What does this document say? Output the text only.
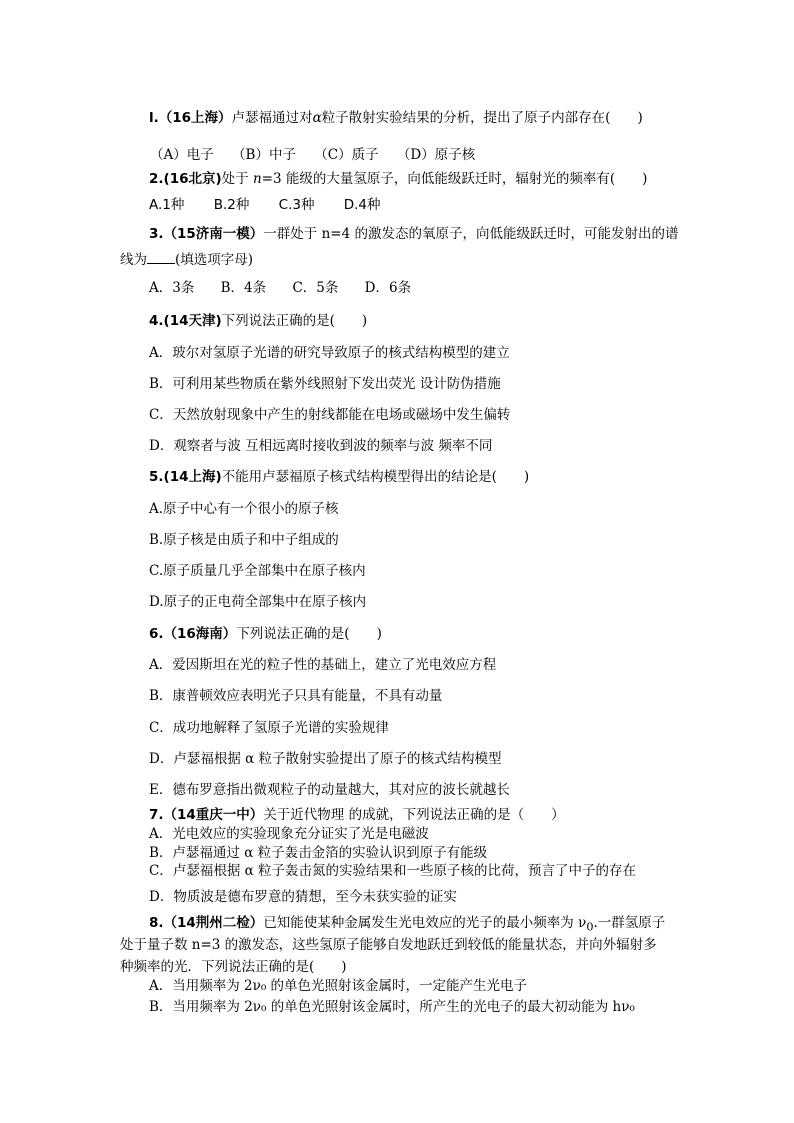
l.（16上海）卢瑟福通过对α粒子散射实验结果的分析，提出了原子内部存在(　　)
（A）电子 （B）中子 （C）质子 （D）原子核
2.(16北京)处于 n=3 能级的大量氢原子，向低能级跃迁时，辐射光的频率有(　　)
A.1种 B.2种 C.3种 D.4种
3.（15济南一模）一群处于 n=4 的激发态的氧原子，向低能级跃迁时，可能发射出的谱
线为 (填选项字母)
A．3条 B．4条 C．5条 D．6条
4.(14天津)下列说法正确的是(　　)
A．玻尔对氢原子光谱的研究导致原子的核式结构模型的建立
B．可利用某些物质在紫外线照射下发出荧光 设计防伪措施
C．天然放射现象中产生的射线都能在电场或磁场中发生偏转
D．观察者与波 互相远离时接收到波的频率与波 频率不同
5.(14上海)不能用卢瑟福原子核式结构模型得出的结论是(　　)
A.原子中心有一个很小的原子核
B.原子核是由质子和中子组成的
C.原子质量几乎全部集中在原子核内
D.原子的正电荷全部集中在原子核内
6.（16海南）下列说法正确的是(　　)
A．爱因斯坦在光的粒子性的基础上，建立了光电效应方程
B．康普顿效应表明光子只具有能量，不具有动量
C．成功地解释了氢原子光谱的实验规律
D．卢瑟福根据 α 粒子散射实验提出了原子的核式结构模型
E．德布罗意指出微观粒子的动量越大，其对应的波长就越长
7.（14重庆一中）关于近代物理 的成就，下列说法正确的是（　　）
A．光电效应的实验现象充分证实了光是电磁波
B．卢瑟福通过 α 粒子轰击金箔的实验认识到原子有能级
C．卢瑟福根据 α 粒子轰击氮的实验结果和一些原子核的比荷，预言了中子的存在
D．物质波是德布罗意的猜想，至今未获实验的证实
8.（14荆州二检）已知能使某种金属发生光电效应的光子的最小频率为 $\nu_0$.一群氢原子
处于量子数 n=3 的激发态，这些氢原子能够自发地跃迁到较低的能量状态，并向外辐射多
种频率的光．下列说法正确的是(　　)
A．当用频率为 2ν₀ 的单色光照射该金属时，一定能产生光电子
B．当用频率为 2ν₀ 的单色光照射该金属时，所产生的光电子的最大初动能为 hν₀
